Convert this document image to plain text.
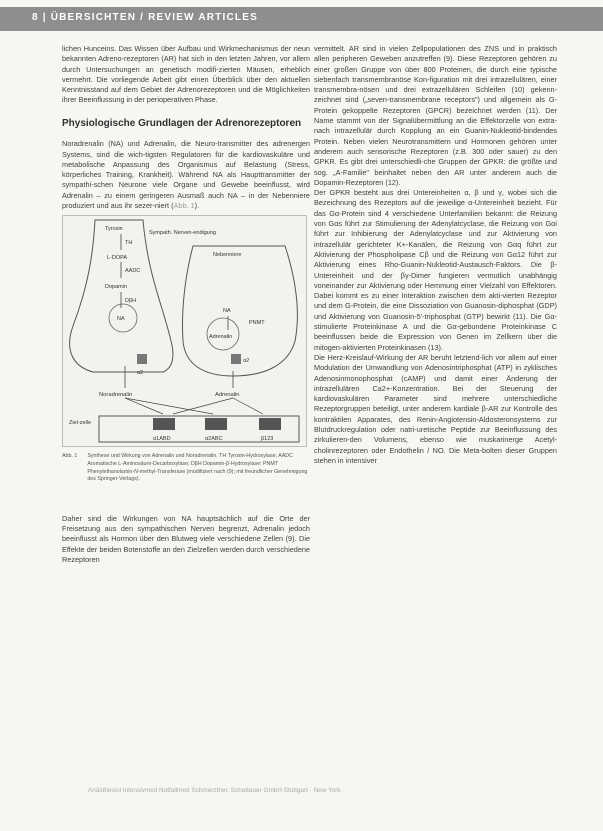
8 | ÜBERSICHTEN / REVIEW ARTICLES

lichen Hunceins. Das Wissen über Aufbau und Wirkmechanismus der neun bekannten Adreno-rezeptoren (AR) hat sich in den letzten Jahren, vor allem durch Untersuchungen an genetisch modifi-zierten Mäusen, erheblich vermehrt. Die vorliegende Arbeit gibt einen Überblick über den aktuellen Kenntnisstand auf dem Gebiet der Adrenorezeptoren und die Möglichkeiten ihrer Beeinflussung in der perioperativen Phase.

Physiologische Grundlagen der Adrenorezeptoren

Noradrenalin (NA) und Adrenalin, die Neuro-transmitter des adrenergen Systems, sind die wich-tigsten Regulatoren für die kardiovaskuläre und metabolische Anpassung des Organismus auf Belastung (Stress, körperliches Training, Krankheit). Während NA als Haupttransmitter der sympathi-schen Neurone viele Organe und Gewebe beeinflusst, wird Adrenalin – zu einem geringeren Ausmaß auch NA – in der Nebenniere produziert und aus ihr sezer-niert (Abb. 1).

Tyrosin
TH
L-DOPA
AADC
Dopamin
DβH
NA
NA
Adrenalin
PNMT
Sympath. Nerven-endigung
Nebenniere
α2
α2
Noradrenalin	Adrenalin
Ziel-zelle
α1ABD	α2ABC	β123
Abb. 1 Synthese und Wirkung von Adrenalin und Noradrenalin. TH Tyrosin-Hydroxylase; AADC Aromatische L-Aminosäure-Decarboxylase; DβH Dopamin-β-Hydroxylase; PNMT Phenylethanolamin-N-methyl-Transferase (modifiziert nach (9); mit freundlicher Genehmigung des Springer-Verlags).

Daher sind die Wirkungen von NA hauptsächlich auf die Orte der Freisetzung aus den sympathischen Nerven begrenzt, Adrenalin jedoch beeinflusst als Hormon über den Blutweg viele verschiedene Zellen (9). Die Effekte der beiden Botenstoffe an den Zielzellen werden durch verschiedene Rezeptoren

vermittelt. AR sind in vielen Zellpopulationen des ZNS und in praktisch allen peripheren Geweben anzutreffen (9). Diese Rezeptoren gehören zu einer großen Gruppe von über 800 Proteinen, die durch eine typische siebenfach transmembranöse Kon-figuration mit drei intrazellulären, einer transmembra-nösen und drei extrazellulären Schleifen (10) gekenn-zeichnet sind („seven-transmembrane receptors") und allgemein als G-Protein gekoppelte Rezeptoren (GPCR) bezeichnet werden (11). Der Name stammt von der Signalübermittlung an die Effektorzelle von extra- nach intrazellulär durch Kopplung an ein Guanin-Nukleotid-bindendes Protein. Neben vielen Neurotransmittern und Hormonen gehören unter anderem auch sensorische Rezeptoren (z.B. 300 oder sauer) zu den GPKR. Es gibt drei unterschiedli-che Gruppen der GPKR: die größte und sog. „A-Familie" beinhaltet neben den AR unter anderem auch die Dopamin-Rezeptoren (12).

Der GPKR besteht aus drei Untereinheiten α, β und γ, wobei sich die Bezeichnung des Rezeptors auf die jeweilige α-Untereinheit bezieht. Für das Gα-Protein sind 4 verschiedene Unterfamilien bekannt: die Reizung von Gαs führt zur Stimulierung der Adenylatcyclase, die Reizung von Gαi führt zur Inhibierung der Adenylatcyclase und zur Aktivierung von intrazellulär gerichteter K+-Kanälen, die Reizung von Gαq führt zur Aktivierung der Phospholipase Cβ und die Reizung von Gα12 führt zur Aktivierung eines Rho-Guanin-Nukleotid-Austausch-Faktors. Die β-Untereinheit und der βγ-Dimer fungieren vermutlich unabhängig voneinander zur Aktivierung oder Hemmung einer Vielzahl von Effektoren. Dabei kommt es zu einer Interaktion zwischen dem akti-vierten Rezeptor und dem G-Protein, die eine Dissoziation von Guanosin-diphosphat (GDP) und Aktivierung von Guanosin-5'-triphosphat (GTP) bewirkt (11). Die Gα-stimulierte Proteinkinase A und die Gα-gebundene Proteinkinase C beeinflussen beide die Expression von Genen im Zellkern über die mitogen-aktivierten Proteinkinasen (13).

Die Herz-Kreislauf-Wirkung der AR beruht letztend-lich vor allem auf einer Modulation der Umwandlung von Adenosintriphosphat (ATP) in zyklisches Adenosinmonophosphat (cAMP) und damit einer Änderung der intrazellulären Ca2+-Konzentration. Bei der Steuerung der kardiovaskulären Parameter sind mehrere unterschiedliche Rezeptorgruppen beteiligt, unter anderem kardiale β-AR zur Kontrolle des kontraktilen Apparates, des Renin-Angiotensin-Aldosteronsystems zur Blutdruckregulation oder natri-uretische Peptide zur Beeinflussung des zirkulieren-den Volumens, ebenso wie muskarinerge Acetyl-cholinrezeptoren oder Endothelin / NO. Die Meta-bolten dieser Gruppen stehen in intensiver

Anästhesiol Intensivmed Notfallmed Schmerzther. Schattauer GmbH Stuttgart · New York
